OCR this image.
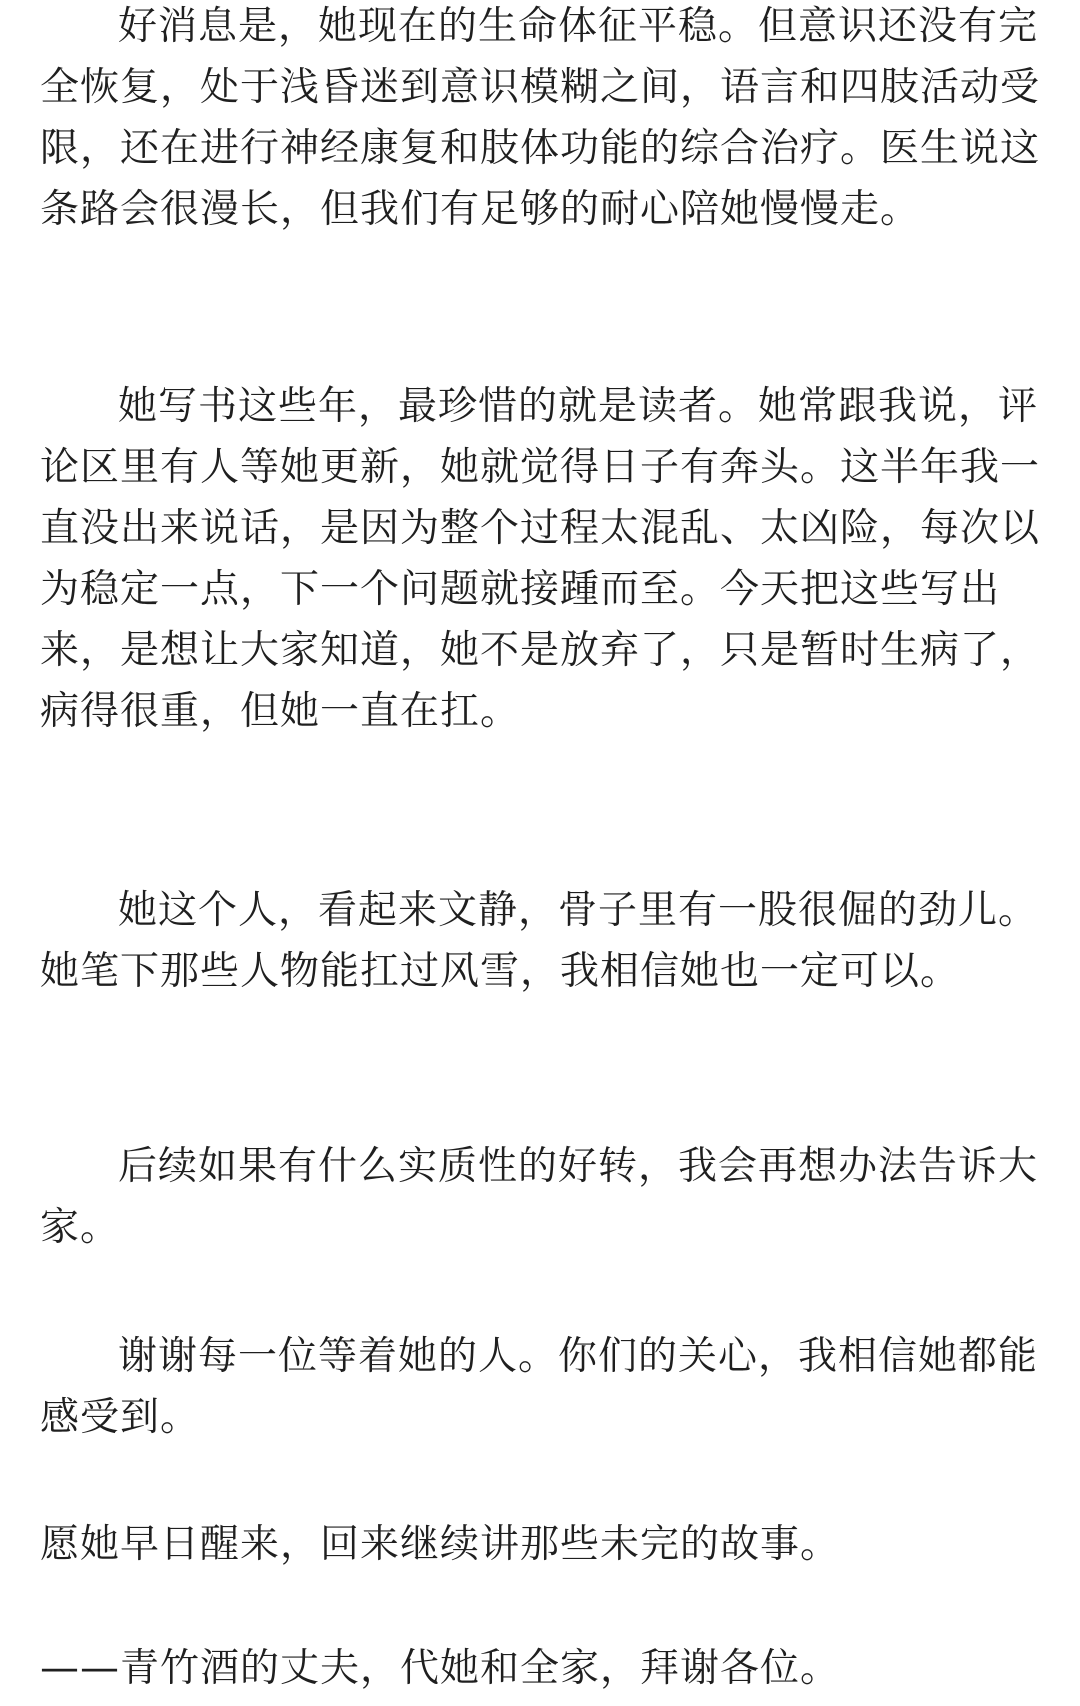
好消息是，她现在的生命体征平稳。但意识还没有完全恢复，处于浅昏迷到意识模糊之间，语言和四肢活动受限，还在进行神经康复和肢体功能的综合治疗。医生说这条路会很漫长，但我们有足够的耐心陪她慢慢走。

她写书这些年，最珍惜的就是读者。她常跟我说，评论区里有人等她更新，她就觉得日子有奔头。这半年我一直没出来说话，是因为整个过程太混乱、太凶险，每次以为稳定一点，下一个问题就接踵而至。今天把这些写出来，是想让大家知道，她不是放弃了，只是暂时生病了，病得很重，但她一直在扛。

她这个人，看起来文静，骨子里有一股很倔的劲儿。她笔下那些人物能扛过风雪，我相信她也一定可以。

后续如果有什么实质性的好转，我会再想办法告诉大家。

谢谢每一位等着她的人。你们的关心，我相信她都能感受到。

愿她早日醒来，回来继续讲那些未完的故事。

——青竹酒的丈夫，代她和全家，拜谢各位。
